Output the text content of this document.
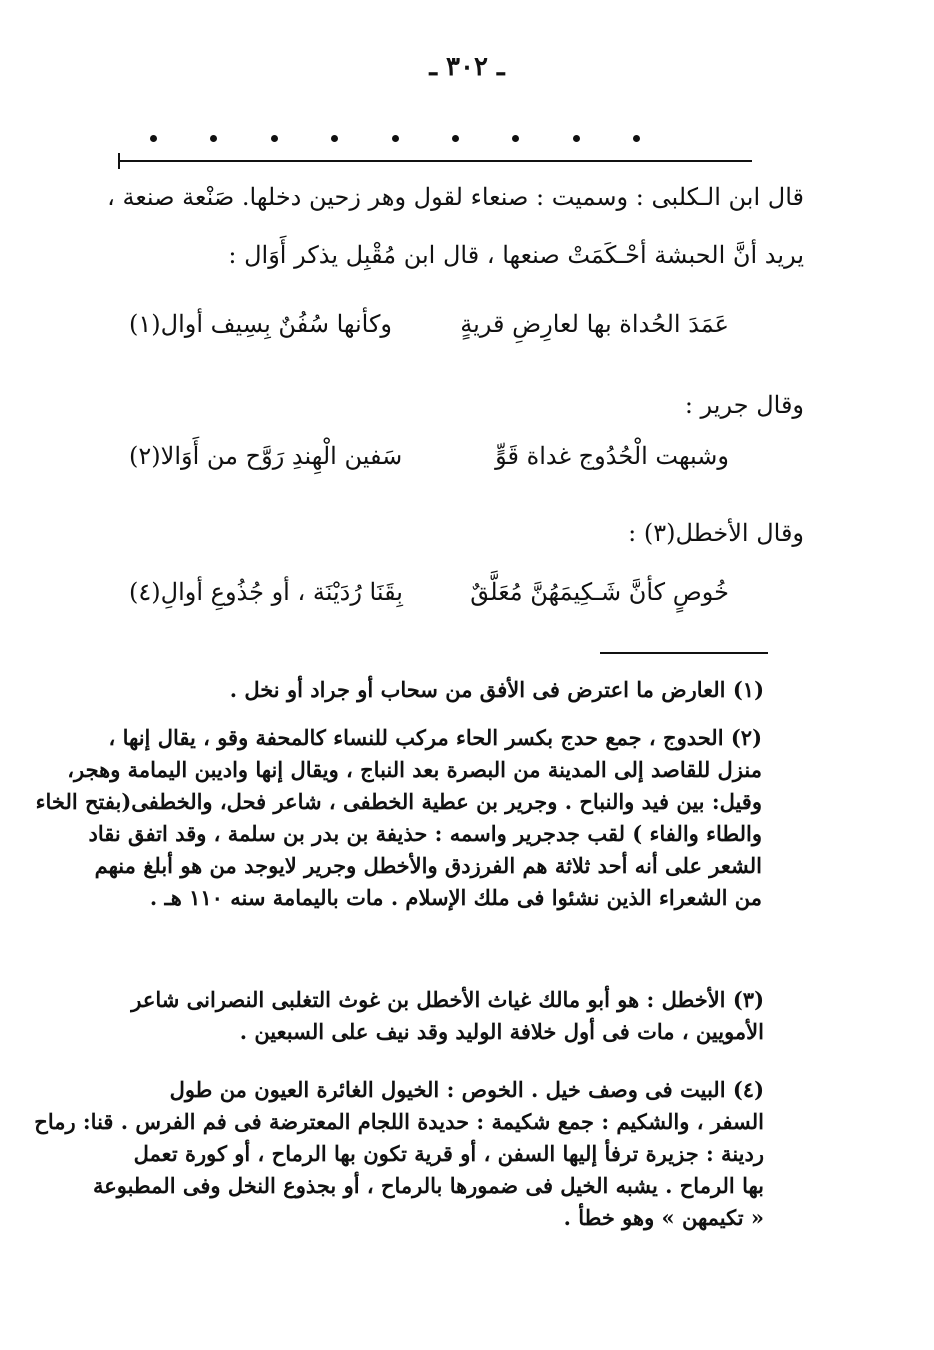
ـ ٣٠٢ ـ
قال ابن الـكلبى : وسميت : صنعاء لقول وهر زحين دخلها. صَنْعة صنعة ،
يريد أنَّ الحبشة أحْـكَمَتْ صنعها ، قال ابن مُقْبِل يذكر أَوَال :
عَمَدَ الحُداة بها لعارِضِ قريةٍ
وكأنها سُفُنٌ بِسِيف أوال(١)
وقال جرير :
وشبهت الْحُدُوج غداة قَوٍّ
سَفين الْهِندِ رَوَّح من أَوَالا(٢)
وقال الأخطل(٣) :
خُوصٍ كأنَّ شَـكِيمَهُنَّ مُعَلَّقٌ
بِقَنَا رُدَيْنَة ، أو جُذُوعِ أوالِ(٤)
(١) العارض ما اعترض فى الأفق من سحاب أو جراد أو نخل .
(٢) الحدوج ، جمع حدج بكسر الحاء مركب للنساء كالمحفة وقو ، يقال إنها ،
منزل للقاصد إلى المدينة من البصرة بعد النباج ، ويقال إنها واديبن اليمامة وهجر،
وقيل: بين فيد والنباح . وجرير بن عطية الخطفى ، شاعر فحل، والخطفى(بفتح الخاء
والطاء والفاء ) لقب جدجرير واسمه : حذيفة بن بدر بن سلمة ، وقد اتفق نقاد
الشعر على أنه أحد ثلاثة هم الفرزدق والأخطل وجرير لايوجد من هو أبلغ منهم
من الشعراء الذين نشئوا فى ملك الإسلام . مات باليمامة سنه ١١٠ هـ .
(٣) الأخطل : هو أبو مالك غياث الأخطل بن غوث التغلبى النصرانى شاعر
الأمويين ، مات فى أول خلافة الوليد وقد نيف على السبعين .
(٤) البيت فى وصف خيل . الخوص : الخيول الغائرة العيون من طول
السفر ، والشكيم : جمع شكيمة : حديدة اللجام المعترضة فى فم الفرس . قنا: رماح
ردينة : جزيرة ترفأ إليها السفن ، أو قرية تكون بها الرماح ، أو كورة تعمل
بها الرماح . يشبه الخيل فى ضمورها بالرماح ، أو بجذوع النخل وفى المطبوعة
« تكيمهن » وهو خطأ .
